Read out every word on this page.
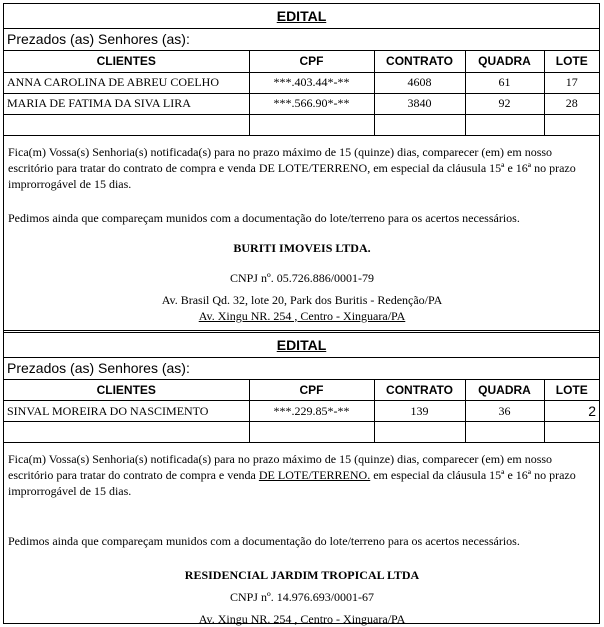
EDITAL
Prezados (as) Senhores (as):
CLIENTES	CPF	CONTRATO	QUADRA	LOTE
ANNA CAROLINA DE ABREU COELHO	***.403.44*-**	4608	61	17
MARIA DE FATIMA DA SIVA LIRA	***.566.90*-**	3840	92	28

Fica(m) Vossa(s) Senhoria(s) notificada(s) para no prazo máximo de 15 (quinze) dias, comparecer (em) em nosso escritório para tratar do contrato de compra e venda DE LOTE/TERRENO, em especial da cláusula 15ª e 16ª no prazo improrrogável de 15 dias.

Pedimos ainda que compareçam munidos com a documentação do lote/terreno para os acertos necessários.

BURITI IMOVEIS LTDA.

CNPJ nº. 05.726.886/0001-79

Av. Brasil Qd. 32, lote 20, Park dos Buritis - Redenção/PA

Av. Xingu NR. 254 , Centro - Xinguara/PA

EDITAL
Prezados (as) Senhores (as):
CLIENTES	CPF	CONTRATO	QUADRA	LOTE
SINVAL MOREIRA DO NASCIMENTO	***.229.85*-**	139	36	2

Fica(m) Vossa(s) Senhoria(s) notificada(s) para no prazo máximo de 15 (quinze) dias, comparecer (em) em nosso escritório para tratar do contrato de compra e venda DE LOTE/TERRENO. em especial da cláusula 15ª e 16ª no prazo improrrogável de 15 dias.

Pedimos ainda que compareçam munidos com a documentação do lote/terreno para os acertos necessários.

RESIDENCIAL JARDIM TROPICAL LTDA

CNPJ nº. 14.976.693/0001-67

Av. Xingu NR. 254 , Centro - Xinguara/PA
